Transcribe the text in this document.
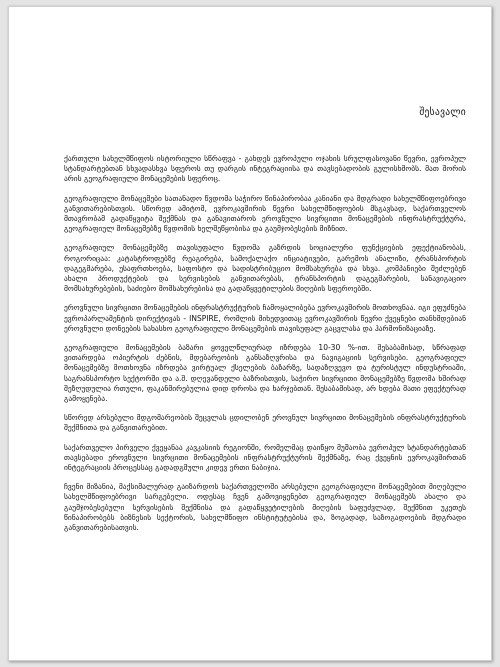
შესავალი

ქართული სახელმწიფოს ისტორიული სწრაფვა - გახდეს ევროპული ოჯახის სრულფასოვანი წევრი, ევროპულ სტანდარტებთან სხვადასხვა სფეროს თუ დარგის ინტეგრაციისა და თავსებადობის გულისხმობს. მათ შორის არის გეოგრაფიული მონაცემების სფეროც.

გეოგრაფიული მონაცემები სათანადო წვდომა საჭირო წინაპირობაა კანიანი და მდგრადი სახელმწიფოებრივი განვითარებისთვის. სწორედ ამიტომ, ევროკავშირის წევრი სახელმწიფოების მსგავსად, საქართველოს მთავრობამ გადაწყვიტა შექმნას და განავითაროს ეროვნული სივრცითი მონაცემების ინფრასტრუქტურა, გეოგრაფიულ მონაცემებზე წვდომის ხელშეწყობისა და გაუმჯობესების მიზნით.

გეოგრაფიულ მონაცემებზე თავისუფალი წვდომა გაზრდის სოციალური ფუნქციების ეფექტიანობას, როგორიცაა: კატასტროფებზე რეაგირება, სამოქალაქო ინციატივები, გარემოს ანალიზი, ტრანსპორტის დაგეგმარება, უსაფრთხოება, საფოსტო და სადისტრიბუციო მომსახურება და სხვა. კომპანიები შეძლებენ ახალი პროდუქტების და სერვისების განვითარებას, ტრანსპორტის დაგეგმარების, სანავიგაციო მომსახურებების, საძიებო მომსახურებისა და გადაწყვეტილების მიღების სფეროებში.

ეროვნული სივრცითი მონაცემების ინფრასტრუქტურის ჩამოყალიბება ევროკავშირის მოთხოვნაა. იგი ეფუძნება ევროპარლამენტის დირექტივას - INSPIRE, რომლის მიხედვითაც ევროკავშირის წევრი ქვეყნები თანხმდებიან ეროვნული დონეების სახასხო გეოგრაფიული მონაცემების თავისუფალ გაცვლასა და ჰარმონიზაციაზე.

გეოგრაფიული მონაცემების ბაზარი ყოველწლიურად იზრდება 10-30 %-ით. შესაბამისად, სწრაფად ვითარდება ოპიერტის ძებნის, მდებარეობის განსაზღვრისა და ნავიგაციის სერვისები. გეოგრაფიულ მონაცემებზე მოთხოვნა იზრდება ვირტუალ ქსელების ბაზარზე, სადაზღვევო და ტურისტულ ინდუსტრიაში, საგრანსპორტო სექტორში და ა.შ. დღევანდელი ბაზრისთვის, საჭირო სივრცითი მონაცემებზე წვდომა ხშირად შეზღუდულია რთული, ფაკანმირებულია დიდ დროსა და ხარჯებთან. შესაბამისად, არ ხდება მათი ეფექტურად გამოყენება.

სწორედ არსებული მდგომარეობის შეცვლას ცდილობენ ეროვნულ სივრცითი მონაცემების ინფრასტრუქტურის შექმნითა და განვითარებით.

საქართველო პირველი ქვეყანაა კავკასიის რეგიონში, რომელმაც დაიწყო მუშაობა ევროპულ სტანდარტებთან თავსებადი ეროვნული სივრცითი მონაცემების ინფრასტრუქტურის შექმნაზე, რაც ქვეყნის ევროკავშირთან ინტეგრაციის პროცესსაც გადადგმული კიდევ ერთი ნაბიჯია.

ჩვენი მიზანია, მაქსიმალურად გაიზარდოს საქართველოში არსებული გეოგრაფიული მონაცემებით მიღებული სახელმწიფოებრივი სარგებელი. ოდესაც ჩვენ გამოვიყენებთ გეოგრაფიულ მონაცემებს ახალი და გაუმჯობესებული სერვისების შექმნისა და გადაწყვეტილების მიღების საფუძვლად, შექმნით უკეთეს წინაპირობებს ბიზნესის სექტორის, სახელმწიფო ინსტიტუტებისა და, ზოგადად, საზოგადოების მდგრადი განვითარებისათვის.
